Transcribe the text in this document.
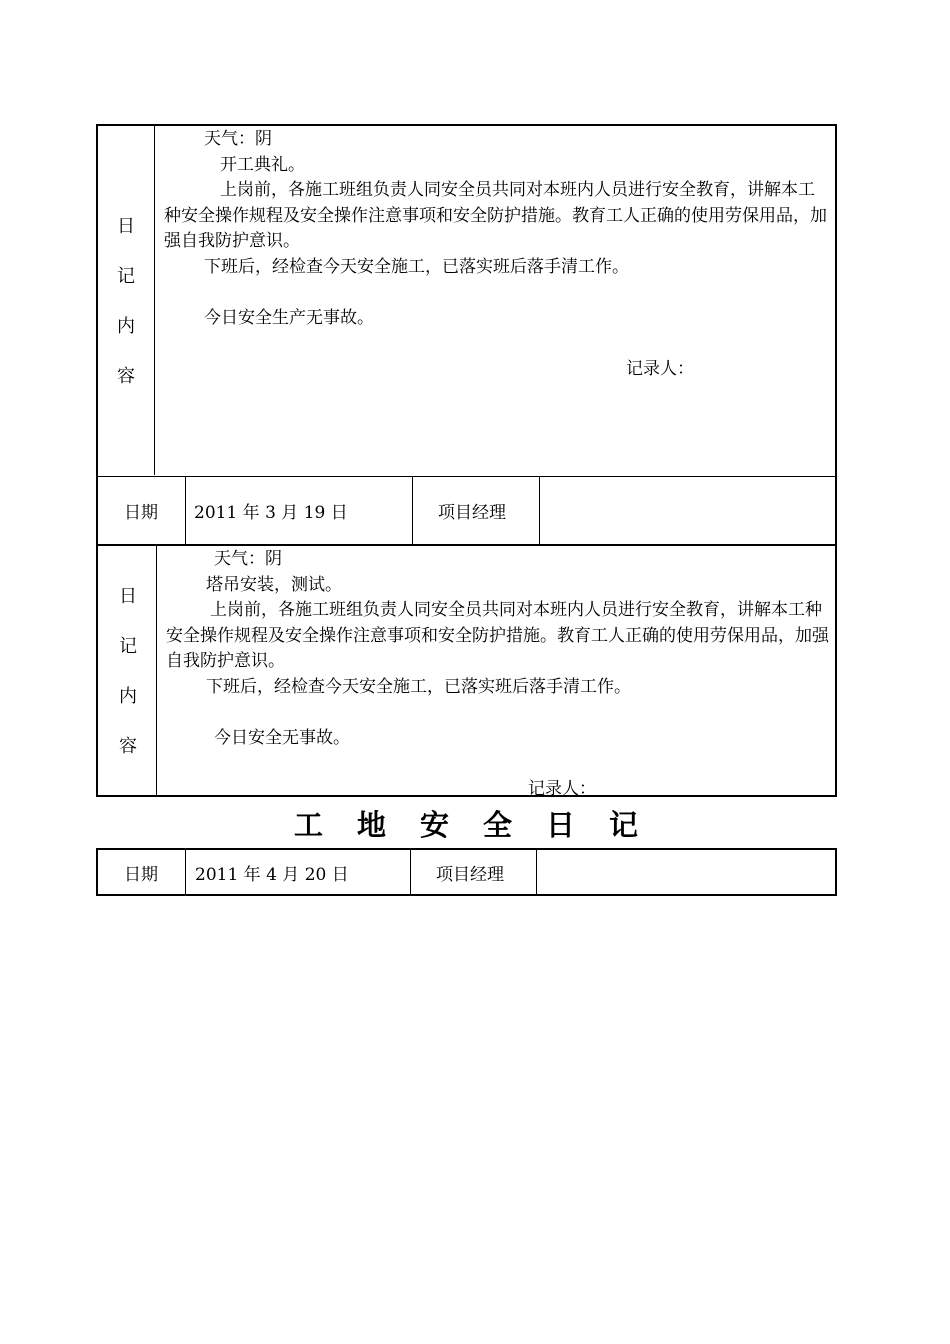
日
记
内
容

天气：阴

开工典礼。

上岗前，各施工班组负责人同安全员共同对本班内人员进行安全教育，讲解本工种安全操作规程及安全操作注意事项和安全防护措施。教育工人正确的使用劳保用品，加强自我防护意识。

下班后，经检查今天安全施工，已落实班后落手清工作。

今日安全生产无事故。

记录人：

日期 2011 年 3 月 19 日	项目经理
日
记
内
容

天气：阴

塔吊安装，测试。

上岗前，各施工班组负责人同安全员共同对本班内人员进行安全教育，讲解本工种安全操作规程及安全操作注意事项和安全防护措施。教育工人正确的使用劳保用品，加强自我防护意识。

下班后，经检查今天安全施工，已落实班后落手清工作。

今日安全无事故。

记录人：

工地安全日记
日期 2011 年 4 月 20 日	项目经理
